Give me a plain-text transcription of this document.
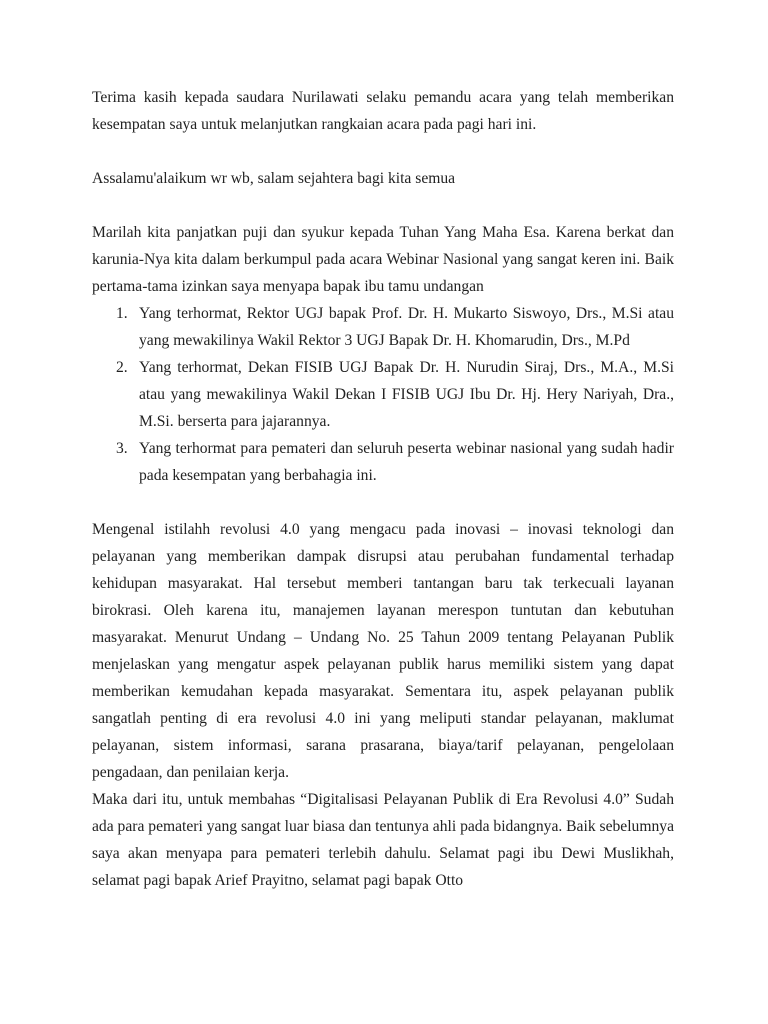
Terima kasih kepada saudara Nurilawati selaku pemandu acara yang telah memberikan kesempatan saya untuk melanjutkan rangkaian acara pada pagi hari ini.

Assalamu'alaikum wr wb, salam sejahtera bagi kita semua

Marilah kita panjatkan puji dan syukur kepada Tuhan Yang Maha Esa. Karena berkat dan karunia-Nya kita dalam berkumpul pada acara Webinar Nasional yang sangat keren ini. Baik pertama-tama izinkan saya menyapa bapak ibu tamu undangan

1. Yang terhormat, Rektor UGJ bapak Prof. Dr. H. Mukarto Siswoyo, Drs., M.Si atau yang mewakilinya Wakil Rektor 3 UGJ Bapak Dr. H. Khomarudin, Drs., M.Pd
2. Yang terhormat, Dekan FISIB UGJ Bapak Dr. H. Nurudin Siraj, Drs., M.A., M.Si atau yang mewakilinya Wakil Dekan I FISIB UGJ Ibu Dr. Hj. Hery Nariyah, Dra., M.Si. berserta para jajarannya.
3. Yang terhormat para pemateri dan seluruh peserta webinar nasional yang sudah hadir pada kesempatan yang berbahagia ini.

Mengenal istilahh revolusi 4.0 yang mengacu pada inovasi – inovasi teknologi dan pelayanan yang memberikan dampak disrupsi atau perubahan fundamental terhadap kehidupan masyarakat. Hal tersebut memberi tantangan baru tak terkecuali layanan birokrasi. Oleh karena itu, manajemen layanan merespon tuntutan dan kebutuhan masyarakat. Menurut Undang – Undang No. 25 Tahun 2009 tentang Pelayanan Publik menjelaskan yang mengatur aspek pelayanan publik harus memiliki sistem yang dapat memberikan kemudahan kepada masyarakat. Sementara itu, aspek pelayanan publik sangatlah penting di era revolusi 4.0 ini yang meliputi standar pelayanan, maklumat pelayanan, sistem informasi, sarana prasarana, biaya/tarif pelayanan, pengelolaan pengadaan, dan penilaian kerja.

Maka dari itu, untuk membahas “Digitalisasi Pelayanan Publik di Era Revolusi 4.0” Sudah ada para pemateri yang sangat luar biasa dan tentunya ahli pada bidangnya. Baik sebelumnya saya akan menyapa para pemateri terlebih dahulu. Selamat pagi ibu Dewi Muslikhah, selamat pagi bapak Arief Prayitno, selamat pagi bapak Otto
